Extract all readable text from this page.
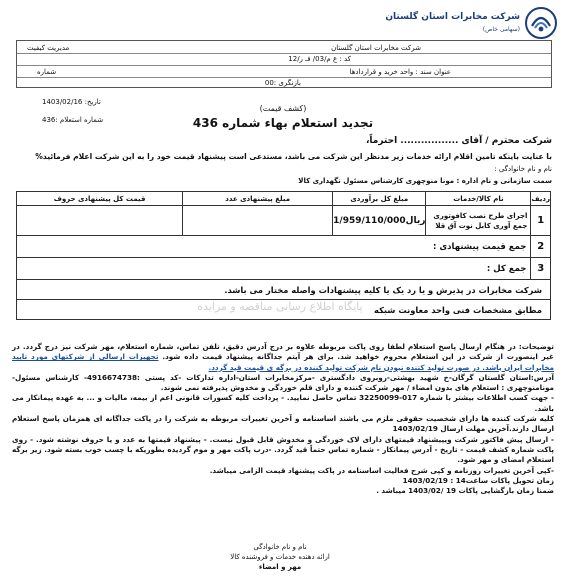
شرکت مخابرات استان گلستان
(سهامی خاص)
شرکت مخابرات استان گلستان
مدیریت کیفیت
کد : ع م/03/ فـ ر/12
عنوان سند : واحد خرید و قراردادها
شماره
بازنگری :00
تاریخ: 1403/02/16
شماره استعلام :436
(کشف قیمت)
تجدید استعلام بهاء شماره 436
شرکت محترم / آقای ................. احترماً،
با عنایت باینکه تامین اقلام ارائه خدمات زیر مدنظر این شرکت می باشد، مستدعی است پیشنهاد قیمت خود را به این شرکت اعلام فرمائید%
نام و نام خانوادگی :
سمت سازمانی و نام اداره : مونا منوچهری کارشناس مسئول نگهداری کالا
ردیف	نام کالا/خدمات	مبلغ کل برآوردی	مبلغ پیشنهادی عدد	قیمت کل پیشنهادی حروف
1	اجرای طرح نصب کافوتوری جمع آوری کابل نوت آق قلا	1/959/110/000ریال		
2	جمع قیمت پیشنهادی :			
3	جمع کل :			
شرکت مخابرات در پذیرش و یا رد یک یا کلیه پیشنهادات واصله مختار می باشد.				
مطابق مشخصات فنی واحد معاونت شبکه				
پایگاه اطلاع رسانی مناقصه و مزایده

توضیحات: در هنگام ارسال پاسخ استعلام لطفا روی پاکت مربوطه علاوه بر درج آدرس دقیق، تلفن تماس، شماره استعلام، مهر شرکت نیز درج گردد. در غیر اینصورت از شرکت در این استعلام محروم خواهید شد. برای هر آیتم جداگانه پیشنهاد قیمت داده شود. تجهیزات ارسالی از شرکتهای مورد تایید مخابرات ایران باشد. در صورت تولید کننده نبودن نام شرکت تولید کننده در برگه ی قیمت قید گردد.

آدرس:استان گلستان گرگان-خ شهید بهشتی-روبروی دادگستری -مرکزمخابرات استان-اداره تدارکات -کد پستی :4916674738- کارشناس مسئول-مونامنوچهری : استعلام های بدون امضاء / مهر شرکت کننده و دارای قلم خوردگی و مخدوش پذیرفته نمی شوند.

- جهت کسب اطلاعات بیشتر با شماره 017-32250099 تماس حاصل نمایید. - پرداخت کلیه کسورات قانونی اعم از بیمه، مالیات و ... به عهده پیمانکار می باشد.

کلیه شرکت کننده ها دارای شخصیت حقوقی ملزم می باشند اساسنامه و آخرین تغییرات مربوطه به شرکت را در پاکت جداگانه ای همزمان پاسخ استعلام ارسال دارند.آخرین مهلت ارسال 1403/02/19

- ارسال پیش فاکتور شرکت ویپیشنهاد قیمتهای دارای لاک خوردگی و مخدوش قابل قبول نیست. - پیشنهاد قیمتها به عدد و یا حروف نوشته شود. - روی پاکت شماره کشف قیمت - تاریخ - آدرس پیمانکار - شماره تماس حتماً قید گردد. -درب پاکت مهر و موم گردیده بطوریکه با چسب خوب بسته شود. زیر برگه استعلام امضای و مهر شود.

-کپی آخرین تغییرات روزنامه و کپی شرح فعالیت اساسنامه در پاکت پیشنهاد قیمت الزامی میباشد.

زمان تحویل پاکات ساعت14 : 1403/02/19

ضمنا زمان بازگشایی پاکات 19 /1403/02 میباشد .

نام و نام خانوادگی
ارائه دهنده خدمات و فروشنده کالا
مهر و امضاء
